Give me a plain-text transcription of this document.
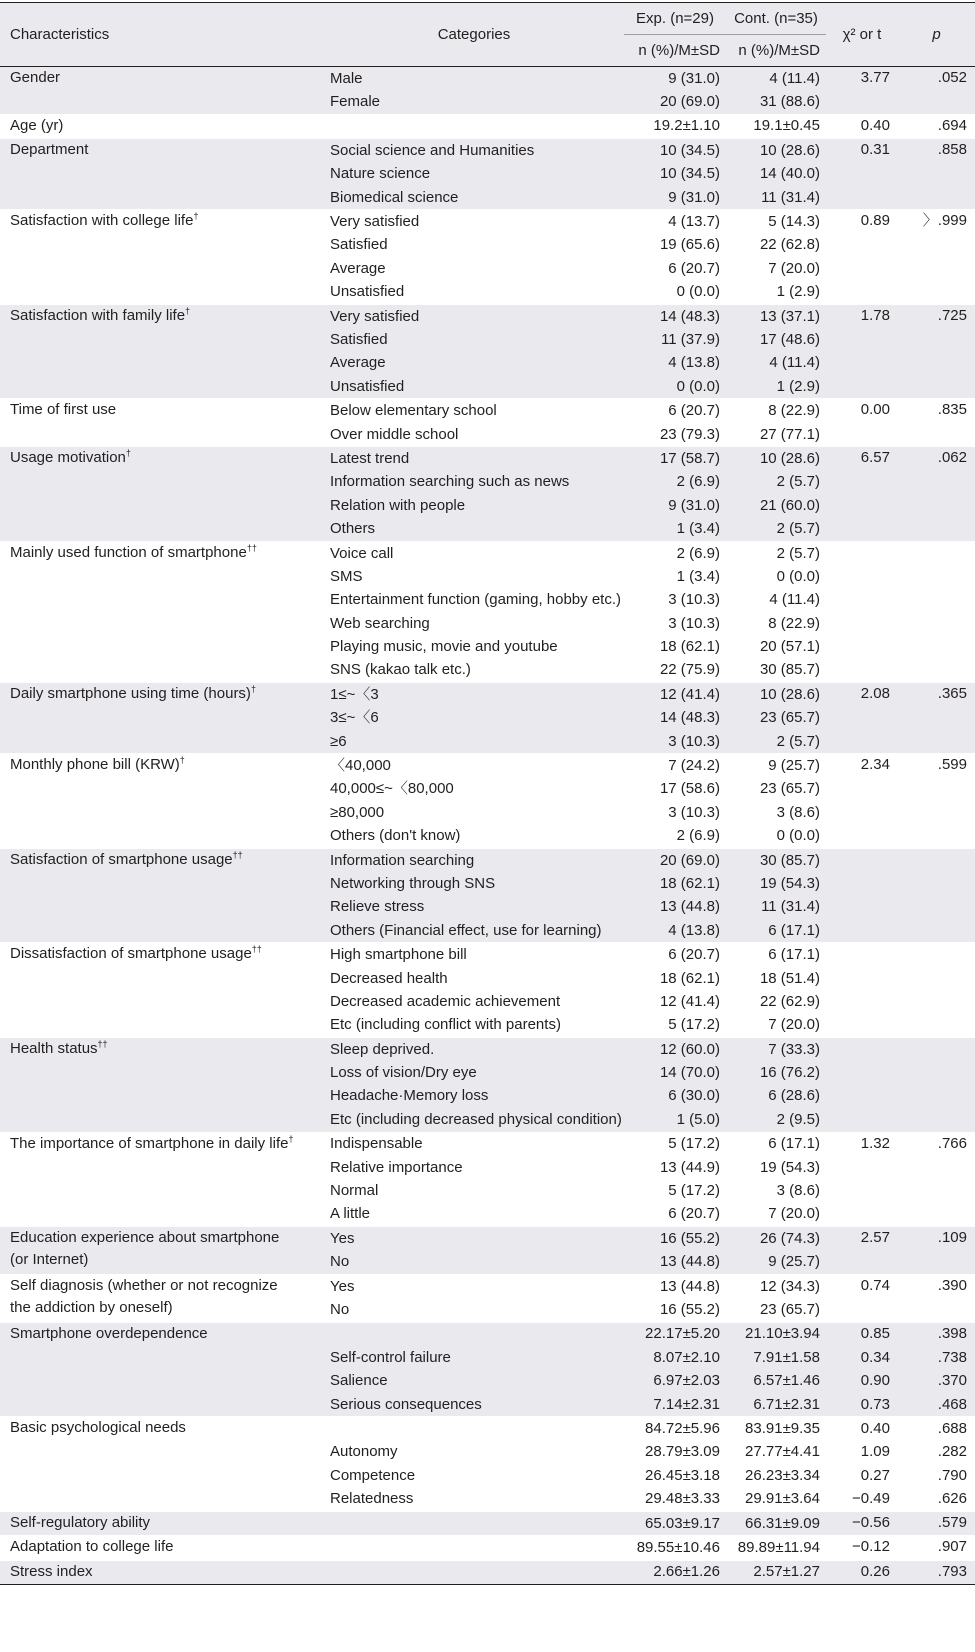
Characteristics	Categories	Exp. (n=29)	Cont. (n=35)	χ² or t	p
		n (%)/M±SD	n (%)/M±SD		

Gender	Male	9 (31.0)	4 (11.4)	3.77	.052
	Female	20 (69.0)	31 (88.6)		

Age (yr)		19.2±1.10	19.1±0.45	0.40	.694

Department	Social science and Humanities	10 (34.5)	10 (28.6)	0.31	.858
	Nature science	10 (34.5)	14 (40.0)		
	Biomedical science	9 (31.0)	11 (31.4)		

Satisfaction with college life†	Very satisfied	4 (13.7)	5 (14.3)	0.89	〉.999
	Satisfied	19 (65.6)	22 (62.8)		
	Average	6 (20.7)	7 (20.0)		
	Unsatisfied	0 (0.0)	1 (2.9)		

Satisfaction with family life†	Very satisfied	14 (48.3)	13 (37.1)	1.78	.725
	Satisfied	11 (37.9)	17 (48.6)		
	Average	4 (13.8)	4 (11.4)		
	Unsatisfied	0 (0.0)	1 (2.9)		

Time of first use	Below elementary school	6 (20.7)	8 (22.9)	0.00	.835
	Over middle school	23 (79.3)	27 (77.1)		

Usage motivation†	Latest trend	17 (58.7)	10 (28.6)	6.57	.062
	Information searching such as news	2 (6.9)	2 (5.7)		
	Relation with people	9 (31.0)	21 (60.0)		
	Others	1 (3.4)	2 (5.7)		

Mainly used function of smartphone††	Voice call	2 (6.9)	2 (5.7)		
	SMS	1 (3.4)	0 (0.0)		
	Entertainment function (gaming, hobby etc.)	3 (10.3)	4 (11.4)		
	Web searching	3 (10.3)	8 (22.9)		
	Playing music, movie and youtube	18 (62.1)	20 (57.1)		
	SNS (kakao talk etc.)	22 (75.9)	30 (85.7)		

Daily smartphone using time (hours)†	1≤~〈3	12 (41.4)	10 (28.6)	2.08	.365
	3≤~〈6	14 (48.3)	23 (65.7)		
	≥6	3 (10.3)	2 (5.7)		

Monthly phone bill (KRW)†	〈40,000	7 (24.2)	9 (25.7)	2.34	.599
	40,000≤~〈80,000	17 (58.6)	23 (65.7)		
	≥80,000	3 (10.3)	3 (8.6)		
	Others (don't know)	2 (6.9)	0 (0.0)		

Satisfaction of smartphone usage††	Information searching	20 (69.0)	30 (85.7)		
	Networking through SNS	18 (62.1)	19 (54.3)		
	Relieve stress	13 (44.8)	11 (31.4)		
	Others (Financial effect, use for learning)	4 (13.8)	6 (17.1)		

Dissatisfaction of smartphone usage††	High smartphone bill	6 (20.7)	6 (17.1)		
	Decreased health	18 (62.1)	18 (51.4)		
	Decreased academic achievement	12 (41.4)	22 (62.9)		
	Etc (including conflict with parents)	5 (17.2)	7 (20.0)		

Health status††	Sleep deprived.	12 (60.0)	7 (33.3)		
	Loss of vision/Dry eye	14 (70.0)	16 (76.2)		
	Headache·Memory loss	6 (30.0)	6 (28.6)		
	Etc (including decreased physical condition)	1 (5.0)	2 (9.5)		

The importance of smartphone in daily life†	Indispensable	5 (17.2)	6 (17.1)	1.32	.766
	Relative importance	13 (44.9)	19 (54.3)		
	Normal	5 (17.2)	3 (8.6)		
	A little	6 (20.7)	7 (20.0)		

Education experience about smartphone (or Internet)	Yes	16 (55.2)	26 (74.3)	2.57	.109
	No	13 (44.8)	9 (25.7)		

Self diagnosis (whether or not recognize the addiction by oneself)	Yes	13 (44.8)	12 (34.3)	0.74	.390
	No	16 (55.2)	23 (65.7)		

Smartphone overdependence		22.17±5.20	21.10±3.94	0.85	.398
	Self-control failure	8.07±2.10	7.91±1.58	0.34	.738
	Salience	6.97±2.03	6.57±1.46	0.90	.370
	Serious consequences	7.14±2.31	6.71±2.31	0.73	.468

Basic psychological needs		84.72±5.96	83.91±9.35	0.40	.688
	Autonomy	28.79±3.09	27.77±4.41	1.09	.282
	Competence	26.45±3.18	26.23±3.34	0.27	.790
	Relatedness	29.48±3.33	29.91±3.64	−0.49	.626

Self-regulatory ability		65.03±9.17	66.31±9.09	−0.56	.579

Adaptation to college life		89.55±10.46	89.89±11.94	−0.12	.907

Stress index		2.66±1.26	2.57±1.27	0.26	.793
